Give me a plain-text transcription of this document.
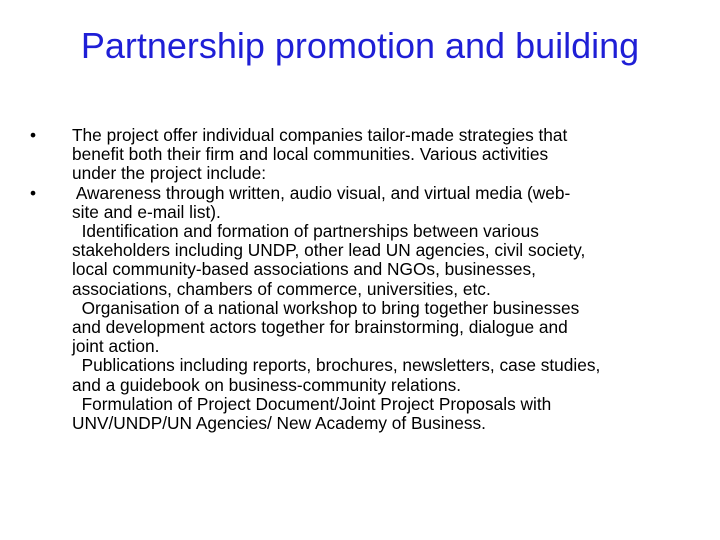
Partnership promotion and building
•	The project offer individual companies tailor-made strategies that
benefit both their firm and local communities. Various activities
under the project include:
•	Awareness through written, audio visual, and virtual media (web-
site and e-mail list).
Identification and formation of partnerships between various
stakeholders including UNDP, other lead UN agencies, civil society,
local community-based associations and NGOs, businesses,
associations, chambers of commerce, universities, etc.
Organisation of a national workshop to bring together businesses
and development actors together for brainstorming, dialogue and
joint action.
Publications including reports, brochures, newsletters, case studies,
and a guidebook on business-community relations.
Formulation of Project Document/Joint Project Proposals with
UNV/UNDP/UN Agencies/ New Academy of Business.
